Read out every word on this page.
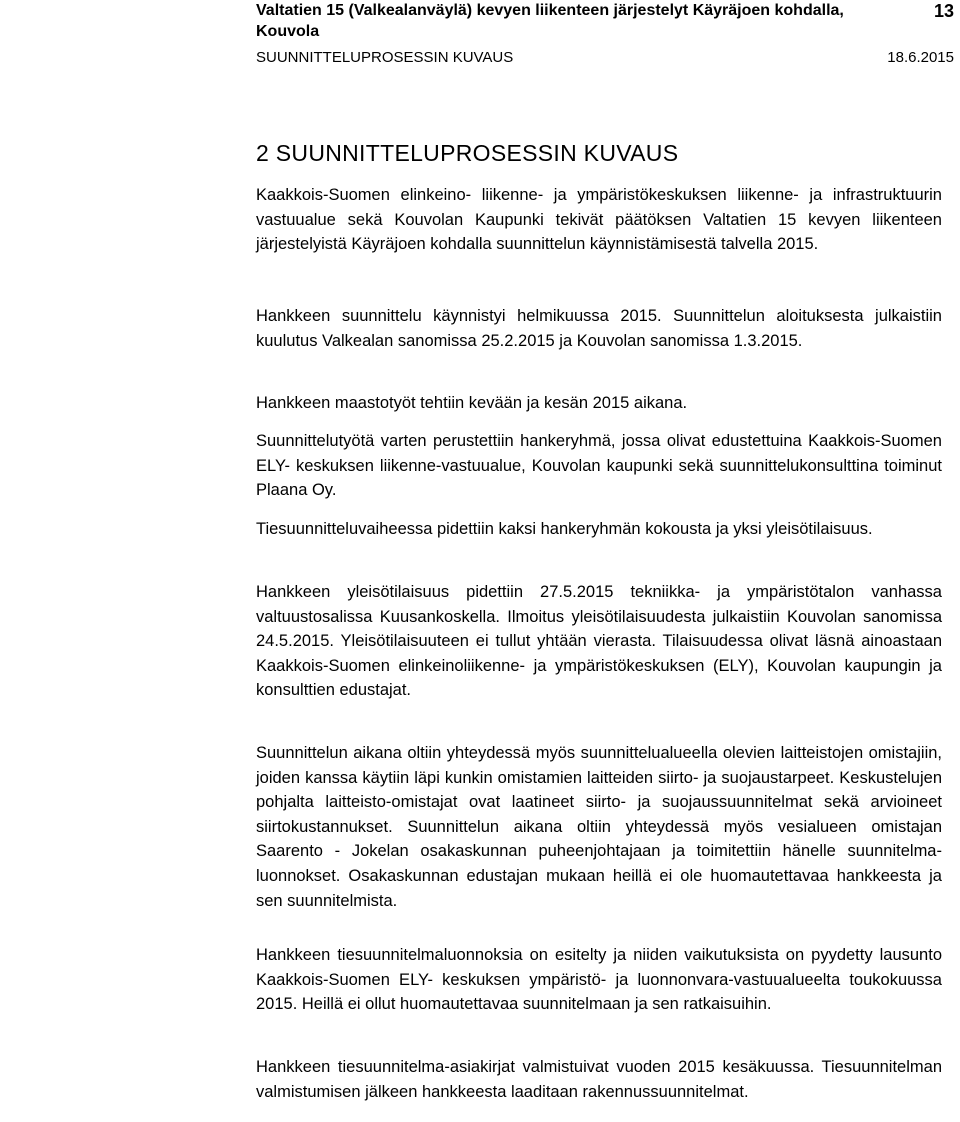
Valtatien 15 (Valkealanväylä) kevyen liikenteen järjestelyt Käyräjoen kohdalla, Kouvola
13
SUUNNITTELUPROSESSIN KUVAUS	18.6.2015
2 SUUNNITTELUPROSESSIN KUVAUS

Kaakkois-Suomen elinkeino- liikenne- ja ympäristökeskuksen liikenne- ja infrastruktuurin vastuualue sekä Kouvolan Kaupunki tekivät päätöksen Valtatien 15 kevyen liikenteen järjestelyistä Käyräjoen kohdalla suunnittelun käynnistämisestä talvella 2015.

Hankkeen suunnittelu käynnistyi helmikuussa 2015. Suunnittelun aloituksesta julkaistiin kuulutus Valkealan sanomissa 25.2.2015 ja Kouvolan sanomissa 1.3.2015.

Hankkeen maastotyöt tehtiin kevään ja kesän 2015 aikana.

Suunnittelutyötä varten perustettiin hankeryhmä, jossa olivat edustettuina Kaakkois-Suomen ELY- keskuksen liikenne-vastuualue, Kouvolan kaupunki sekä suunnittelukonsulttina toiminut Plaana Oy.

Tiesuunnitteluvaiheessa pidettiin kaksi hankeryhmän kokousta ja yksi yleisötilaisuus.

Hankkeen yleisötilaisuus pidettiin 27.5.2015 tekniikka- ja ympäristötalon vanhassa valtuustosalissa Kuusankoskella. Ilmoitus yleisötilaisuudesta julkaistiin Kouvolan sanomissa 24.5.2015. Yleisötilaisuuteen ei tullut yhtään vierasta. Tilaisuudessa olivat läsnä ainoastaan Kaakkois-Suomen elinkeinoliikenne- ja ympäristökeskuksen (ELY), Kouvolan kaupungin ja konsulttien edustajat.

Suunnittelun aikana oltiin yhteydessä myös suunnittelualueella olevien laitteistojen omistajiin, joiden kanssa käytiin läpi kunkin omistamien laitteiden siirto- ja suojaustarpeet. Keskustelujen pohjalta laitteisto-omistajat ovat laatineet siirto- ja suojaussuunnitelmat sekä arvioineet siirtokustannukset. Suunnittelun aikana oltiin yhteydessä myös vesialueen omistajan Saarento - Jokelan osakaskunnan puheenjohtajaan ja toimitettiin hänelle suunnitelmaluonnokset. Osakaskunnan edustajan mukaan heillä ei ole huomautettavaa hankkeesta ja sen suunnitelmista.

Hankkeen tiesuunnitelmaluonnoksia on esitelty ja niiden vaikutuksista on pyydetty lausunto Kaakkois-Suomen ELY- keskuksen ympäristö- ja luonnonvara-vastuualueelta toukokuussa 2015. Heillä ei ollut huomautettavaa suunnitelmaan ja sen ratkaisuihin.

Hankkeen tiesuunnitelma-asiakirjat valmistuivat vuoden 2015 kesäkuussa. Tiesuunnitelman valmistumisen jälkeen hankkeesta laaditaan rakennussuunnitelmat.
